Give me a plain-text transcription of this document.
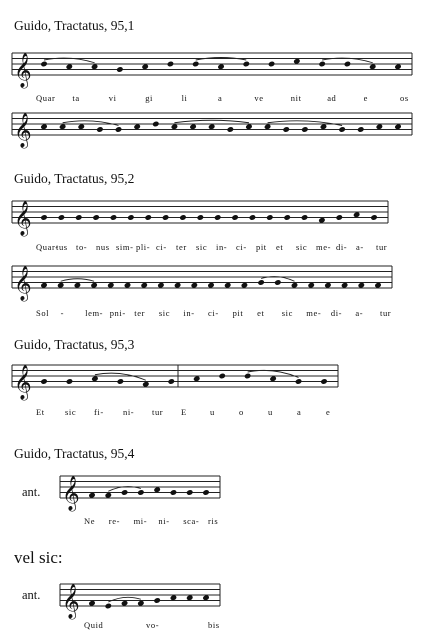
Guido, Tractatus, 95,1
𝄞
Quar ta	vi	gi	li	a	ve	nit	ad	e	os
𝄞
𝄞
Quar-
tus to- nus sim- pli- ci- ter sic in- ci- pit et sic me- di- a- tur
𝄞
Sol - lem- pni- ter sic in- ci- pit et sic me- di- a- tur
𝄞
Et sic fi- ni- tur E	u	o	u	a	e
𝄞
Ne re- mi- ni- sca- ris
𝄞
Quid	vo-	bis
Guido, Tractatus, 95,2
Guido, Tractatus, 95,3
Guido, Tractatus, 95,4
ant.
vel sic:
ant.
